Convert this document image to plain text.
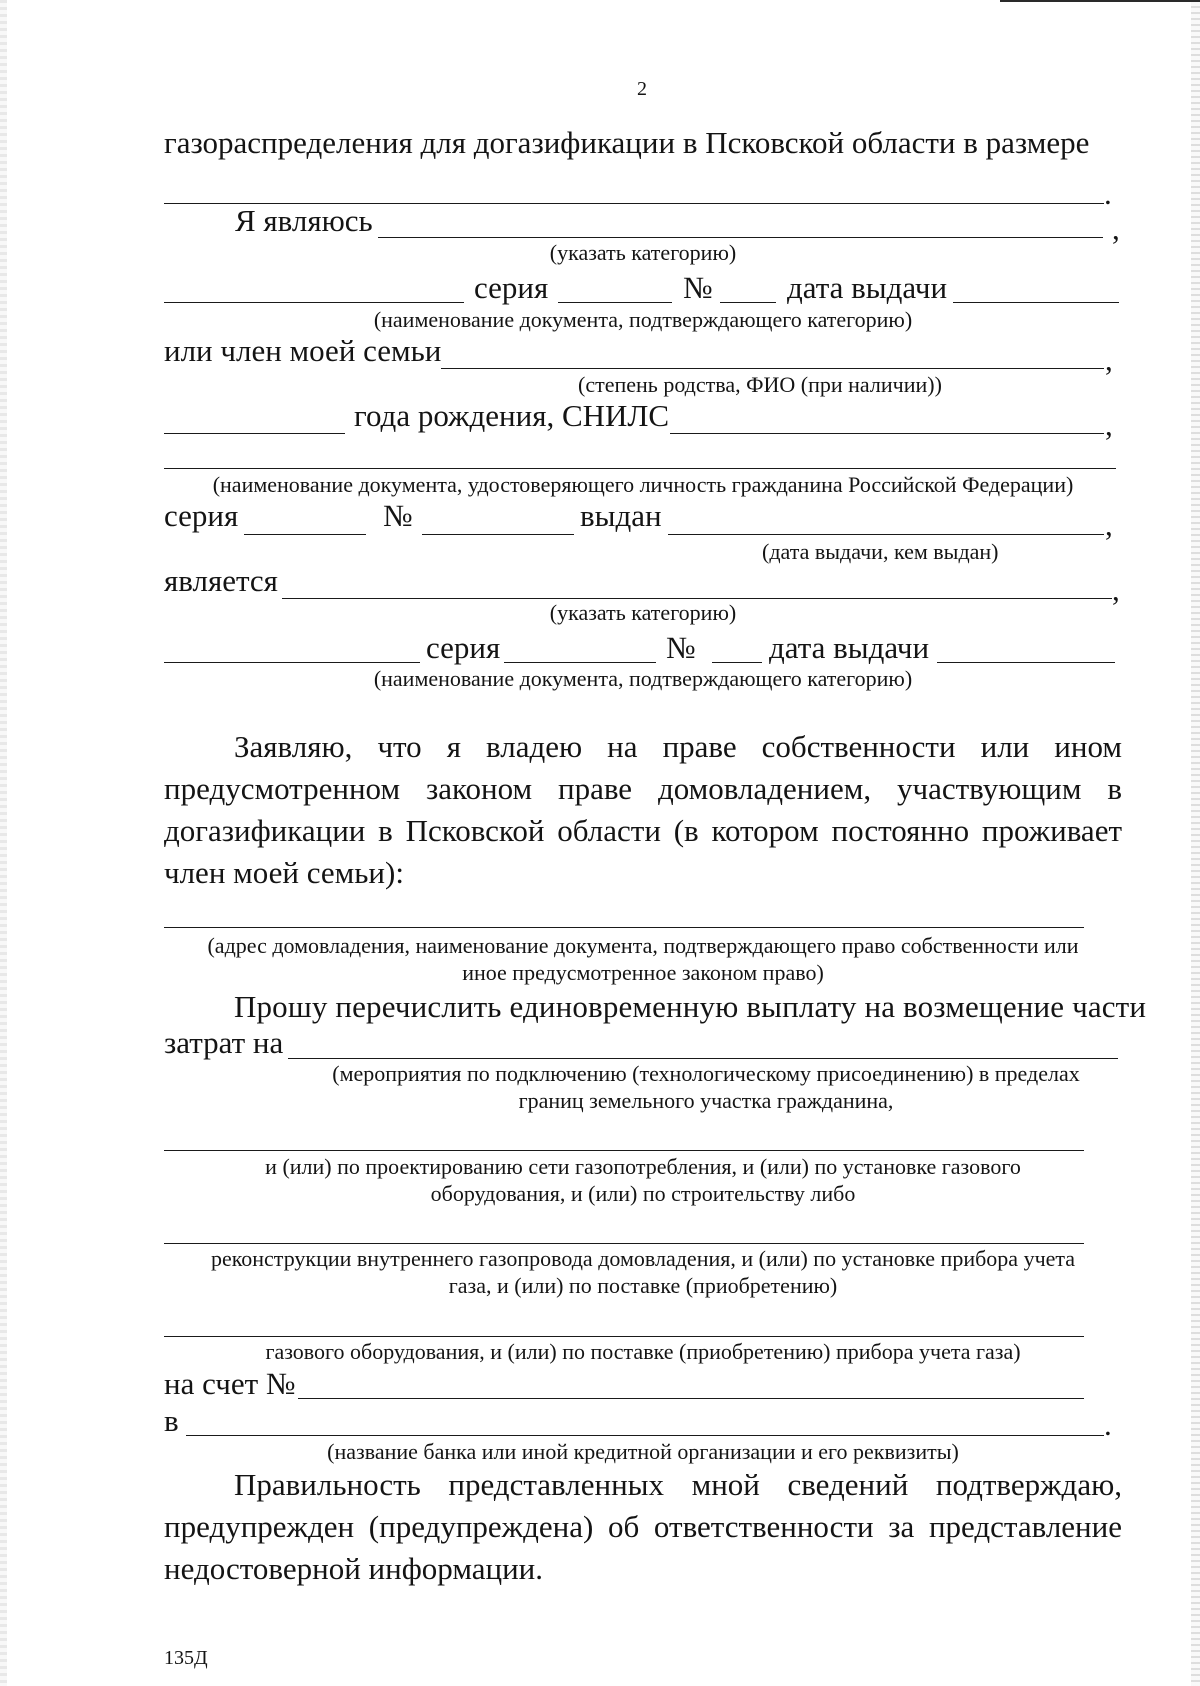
2
газораспределения для догазификации в Псковской области в размере
.
Я являюсь	,
(указать категорию)
серия	№ дата выдачи
(наименование документа, подтверждающего категорию)
или член моей семьи	,
(степень родства, ФИО (при наличии))
года рождения, СНИЛС	,
(наименование документа, удостоверяющего личность гражданина Российской Федерации)
серия	№	выдан	,
(дата выдачи, кем выдан)
является	,
(указать категорию)
серия	№ дата выдачи
(наименование документа, подтверждающего категорию)
Заявляю, что я владею на праве собственности или ином
предусмотренном законом праве домовладением, участвующим в
догазификации в Псковской области (в котором постоянно проживает
член моей семьи):
(адрес домовладения, наименование документа, подтверждающего право собственности или
иное предусмотренное законом право)
Прошу перечислить единовременную выплату на возмещение части
затрат на
(мероприятия по подключению (технологическому присоединению) в пределах
границ земельного участка гражданина,
и (или) по проектированию сети газопотребления, и (или) по установке газового
оборудования, и (или) по строительству либо
реконструкции внутреннего газопровода домовладения, и (или) по установке прибора учета
газа, и (или) по поставке (приобретению)
газового оборудования, и (или) по поставке (приобретению) прибора учета газа)
на счет №
в	.
(название банка или иной кредитной организации и его реквизиты)
Правильность представленных мной сведений подтверждаю,
предупрежден (предупреждена) об ответственности за представление
недостоверной информации.
135Д
